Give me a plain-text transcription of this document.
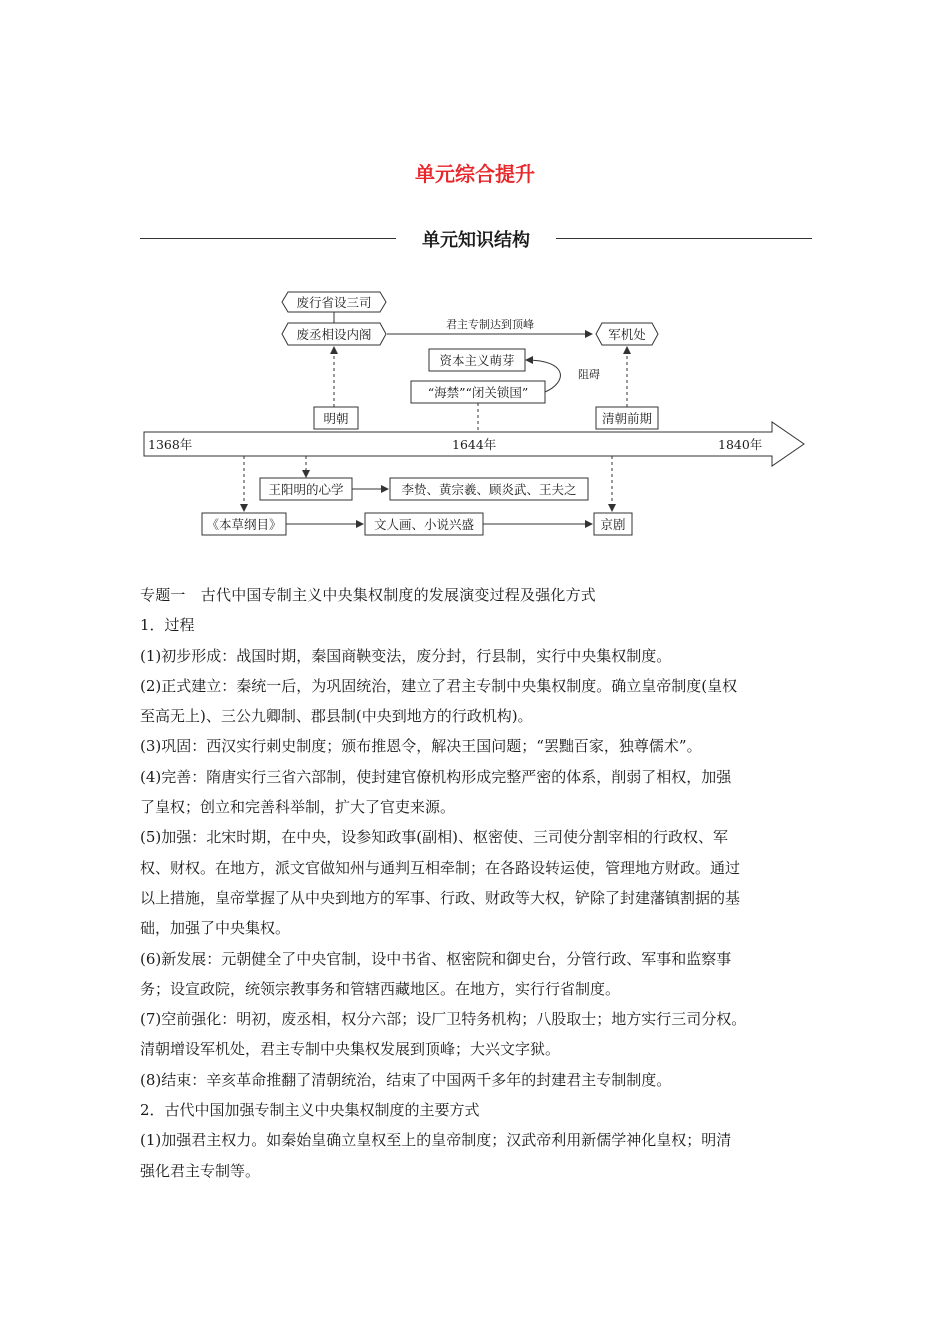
单元综合提升
单元知识结构
废行省设三司
废丞相设内阁
君主专制达到顶峰
军机处
资本主义萌芽
“海禁”“闭关锁国”
阻碍
明朝	清朝前期
1368年	1644年	1840年
王阳明的心学	李贽、黄宗羲、顾炎武、王夫之
《本草纲目》	文人画、小说兴盛	京剧

专题一　古代中国专制主义中央集权制度的发展演变过程及强化方式

1．过程

(1)初步形成：战国时期，秦国商鞅变法，废分封，行县制，实行中央集权制度。

(2)正式建立：秦统一后，为巩固统治，建立了君主专制中央集权制度。确立皇帝制度(皇权

至高无上)、三公九卿制、郡县制(中央到地方的行政机构)。

(3)巩固：西汉实行刺史制度；颁布推恩令，解决王国问题；“罢黜百家，独尊儒术”。

(4)完善：隋唐实行三省六部制，使封建官僚机构形成完整严密的体系，削弱了相权，加强

了皇权；创立和完善科举制，扩大了官吏来源。

(5)加强：北宋时期，在中央，设参知政事(副相)、枢密使、三司使分割宰相的行政权、军

权、财权。在地方，派文官做知州与通判互相牵制；在各路设转运使，管理地方财政。通过

以上措施，皇帝掌握了从中央到地方的军事、行政、财政等大权，铲除了封建藩镇割据的基

础，加强了中央集权。

(6)新发展：元朝健全了中央官制，设中书省、枢密院和御史台，分管行政、军事和监察事

务；设宣政院，统领宗教事务和管辖西藏地区。在地方，实行行省制度。

(7)空前强化：明初，废丞相，权分六部；设厂卫特务机构；八股取士；地方实行三司分权。

清朝增设军机处，君主专制中央集权发展到顶峰；大兴文字狱。

(8)结束：辛亥革命推翻了清朝统治，结束了中国两千多年的封建君主专制制度。

2．古代中国加强专制主义中央集权制度的主要方式

(1)加强君主权力。如秦始皇确立皇权至上的皇帝制度；汉武帝利用新儒学神化皇权；明清

强化君主专制等。
